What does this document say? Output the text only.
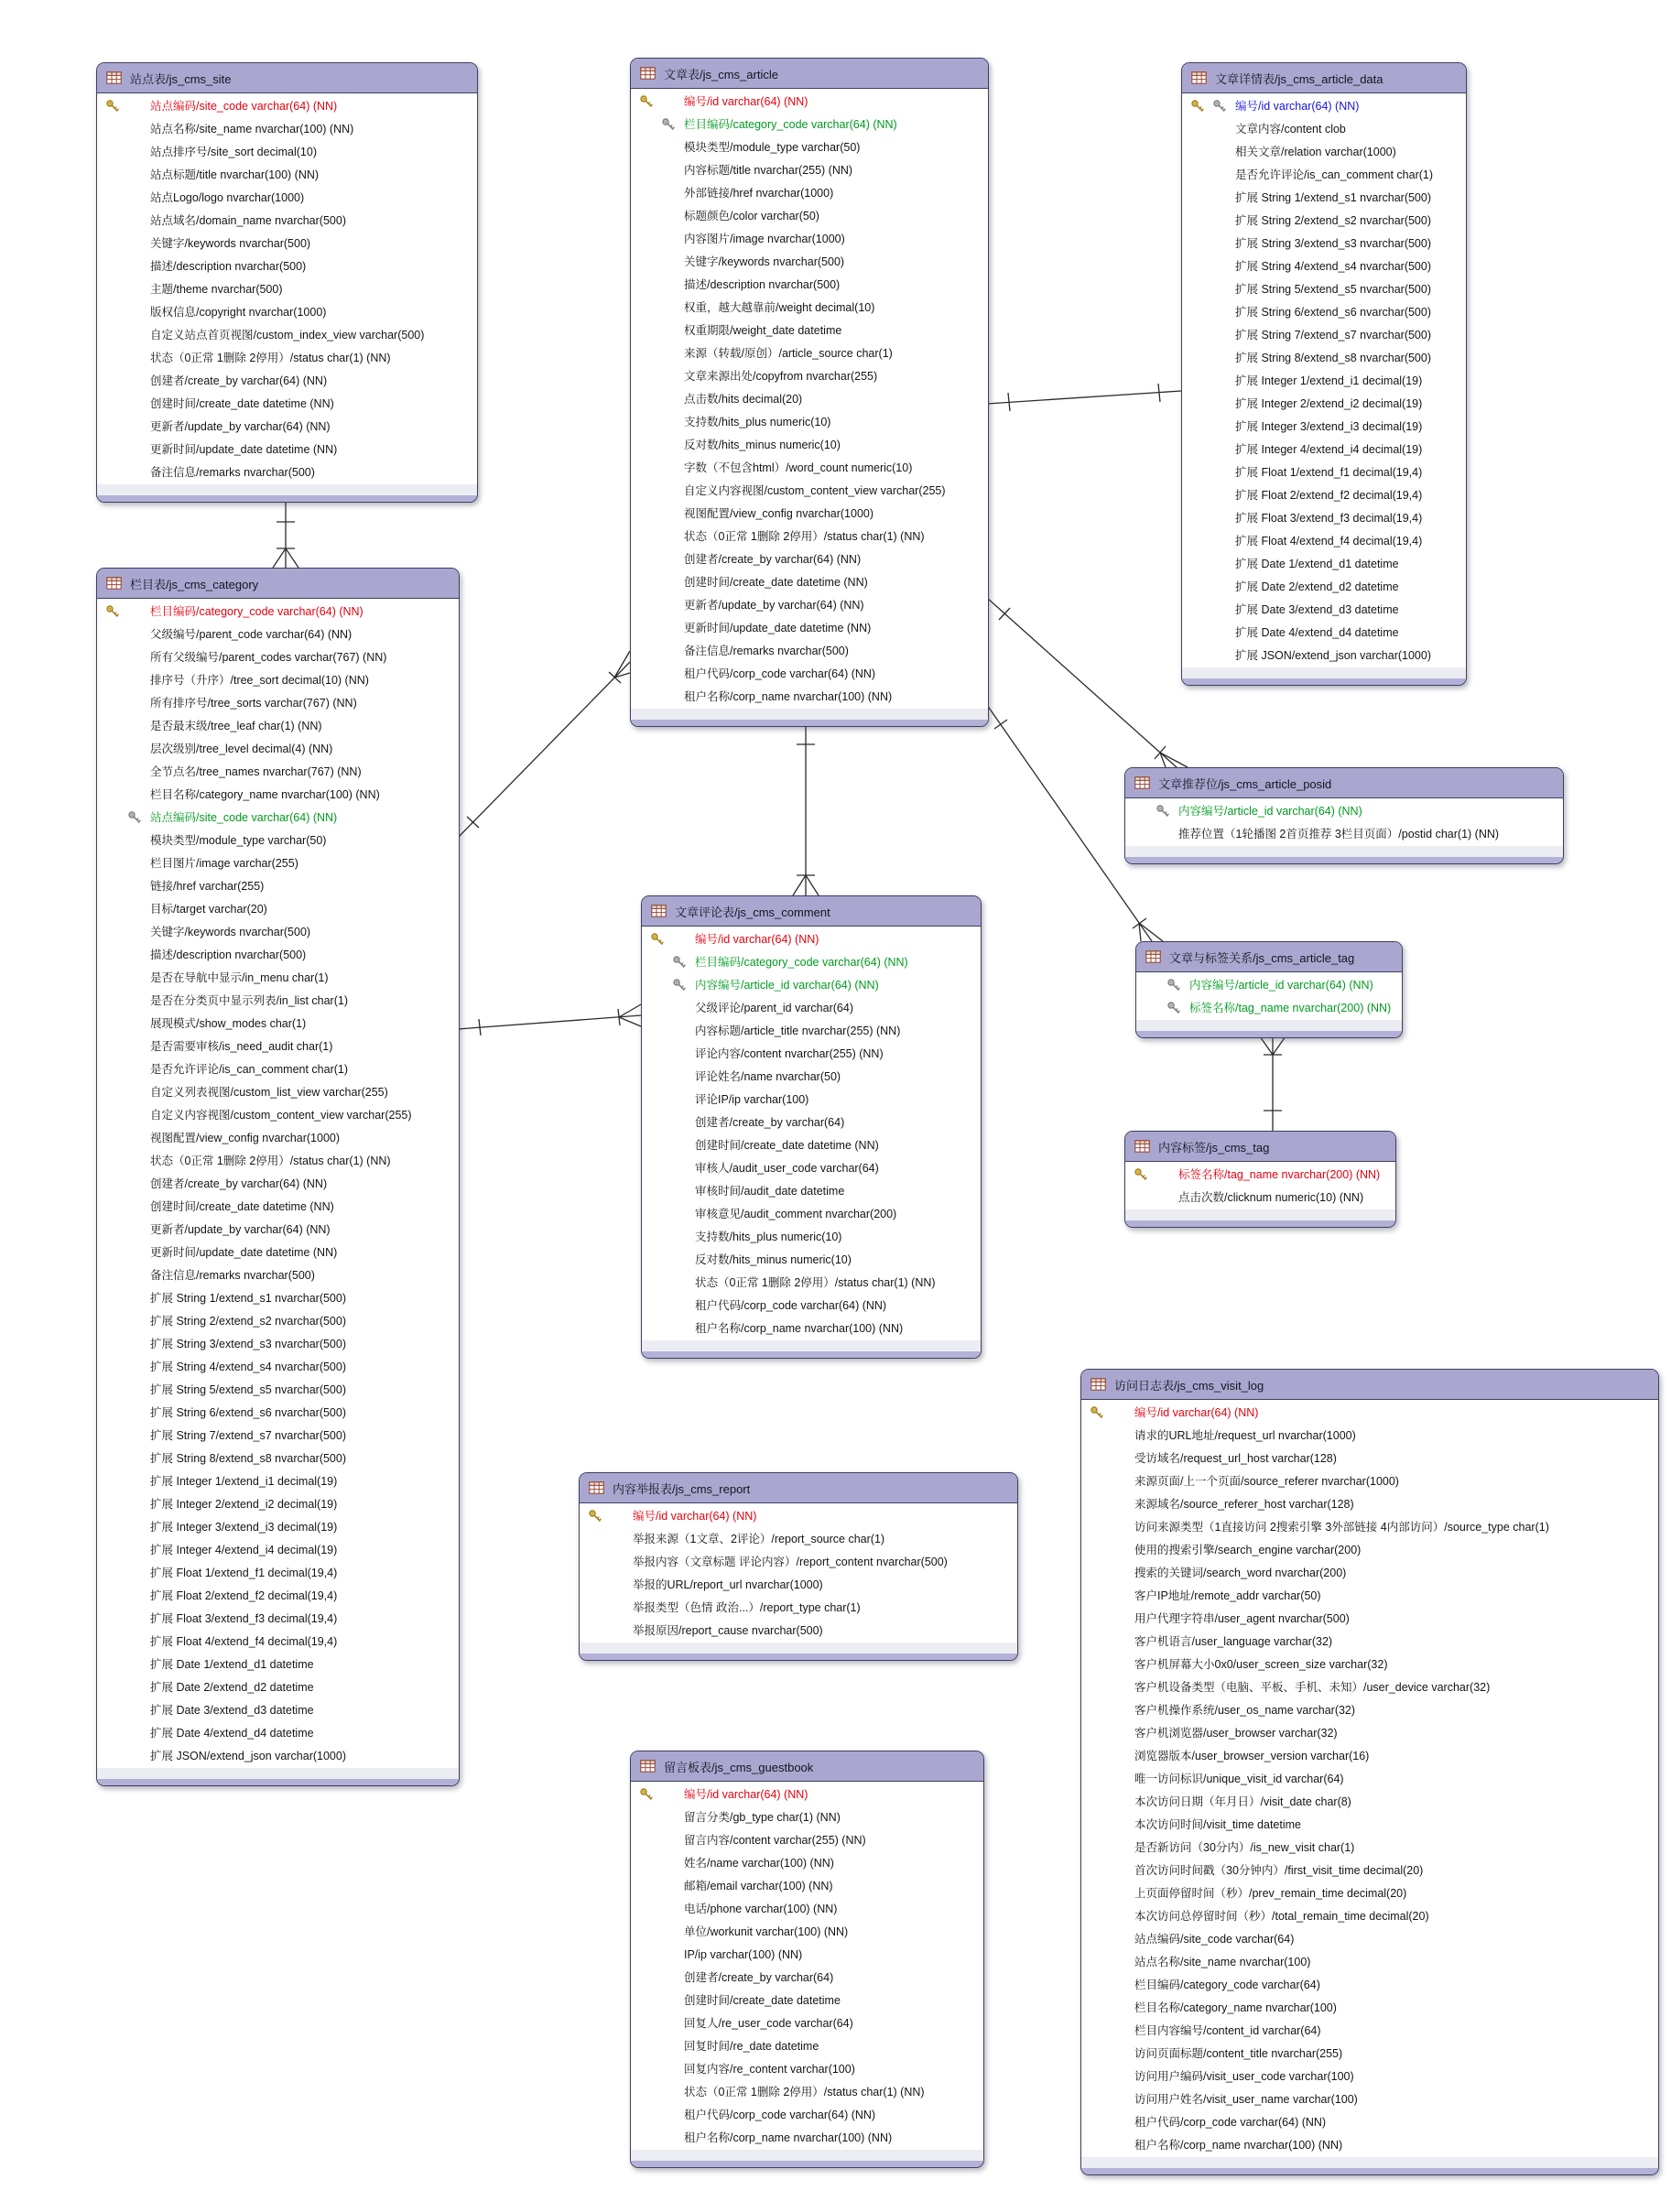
站点表/js_cms_site
站点编码/site_code varchar(64) (NN)
站点名称/site_name nvarchar(100) (NN)
站点排序号/site_sort decimal(10)
站点标题/title nvarchar(100) (NN)
站点Logo/logo nvarchar(1000)
站点域名/domain_name nvarchar(500)
关键字/keywords nvarchar(500)
描述/description nvarchar(500)
主题/theme nvarchar(500)
版权信息/copyright nvarchar(1000)
自定义站点首页视图/custom_index_view varchar(500)
状态（0正常 1删除 2停用）/status char(1) (NN)
创建者/create_by varchar(64) (NN)
创建时间/create_date datetime (NN)
更新者/update_by varchar(64) (NN)
更新时间/update_date datetime (NN)
备注信息/remarks nvarchar(500)
文章表/js_cms_article
编号/id varchar(64) (NN)
栏目编码/category_code varchar(64) (NN)
模块类型/module_type varchar(50)
内容标题/title nvarchar(255) (NN)
外部链接/href nvarchar(1000)
标题颜色/color varchar(50)
内容图片/image nvarchar(1000)
关键字/keywords nvarchar(500)
描述/description nvarchar(500)
权重，越大越靠前/weight decimal(10)
权重期限/weight_date datetime
来源（转载/原创）/article_source char(1)
文章来源出处/copyfrom nvarchar(255)
点击数/hits decimal(20)
支持数/hits_plus numeric(10)
反对数/hits_minus numeric(10)
字数（不包含html）/word_count numeric(10)
自定义内容视图/custom_content_view varchar(255)
视图配置/view_config nvarchar(1000)
状态（0正常 1删除 2停用）/status char(1) (NN)
创建者/create_by varchar(64) (NN)
创建时间/create_date datetime (NN)
更新者/update_by varchar(64) (NN)
更新时间/update_date datetime (NN)
备注信息/remarks nvarchar(500)
租户代码/corp_code varchar(64) (NN)
租户名称/corp_name nvarchar(100) (NN)
文章详情表/js_cms_article_data
编号/id varchar(64) (NN)
文章内容/content clob
相关文章/relation varchar(1000)
是否允许评论/is_can_comment char(1)
扩展 String 1/extend_s1 nvarchar(500)
扩展 String 2/extend_s2 nvarchar(500)
扩展 String 3/extend_s3 nvarchar(500)
扩展 String 4/extend_s4 nvarchar(500)
扩展 String 5/extend_s5 nvarchar(500)
扩展 String 6/extend_s6 nvarchar(500)
扩展 String 7/extend_s7 nvarchar(500)
扩展 String 8/extend_s8 nvarchar(500)
扩展 Integer 1/extend_i1 decimal(19)
扩展 Integer 2/extend_i2 decimal(19)
扩展 Integer 3/extend_i3 decimal(19)
扩展 Integer 4/extend_i4 decimal(19)
扩展 Float 1/extend_f1 decimal(19,4)
扩展 Float 2/extend_f2 decimal(19,4)
扩展 Float 3/extend_f3 decimal(19,4)
扩展 Float 4/extend_f4 decimal(19,4)
扩展 Date 1/extend_d1 datetime
扩展 Date 2/extend_d2 datetime
扩展 Date 3/extend_d3 datetime
扩展 Date 4/extend_d4 datetime
扩展 JSON/extend_json varchar(1000)
栏目表/js_cms_category
栏目编码/category_code varchar(64) (NN)
父级编号/parent_code varchar(64) (NN)
所有父级编号/parent_codes varchar(767) (NN)
排序号（升序）/tree_sort decimal(10) (NN)
所有排序号/tree_sorts varchar(767) (NN)
是否最末级/tree_leaf char(1) (NN)
层次级别/tree_level decimal(4) (NN)
全节点名/tree_names nvarchar(767) (NN)
栏目名称/category_name nvarchar(100) (NN)
站点编码/site_code varchar(64) (NN)
模块类型/module_type varchar(50)
栏目图片/image varchar(255)
链接/href varchar(255)
目标/target varchar(20)
关键字/keywords nvarchar(500)
描述/description nvarchar(500)
是否在导航中显示/in_menu char(1)
是否在分类页中显示列表/in_list char(1)
展现模式/show_modes char(1)
是否需要审核/is_need_audit char(1)
是否允许评论/is_can_comment char(1)
自定义列表视图/custom_list_view varchar(255)
自定义内容视图/custom_content_view varchar(255)
视图配置/view_config nvarchar(1000)
状态（0正常 1删除 2停用）/status char(1) (NN)
创建者/create_by varchar(64) (NN)
创建时间/create_date datetime (NN)
更新者/update_by varchar(64) (NN)
更新时间/update_date datetime (NN)
备注信息/remarks nvarchar(500)
扩展 String 1/extend_s1 nvarchar(500)
扩展 String 2/extend_s2 nvarchar(500)
扩展 String 3/extend_s3 nvarchar(500)
扩展 String 4/extend_s4 nvarchar(500)
扩展 String 5/extend_s5 nvarchar(500)
扩展 String 6/extend_s6 nvarchar(500)
扩展 String 7/extend_s7 nvarchar(500)
扩展 String 8/extend_s8 nvarchar(500)
扩展 Integer 1/extend_i1 decimal(19)
扩展 Integer 2/extend_i2 decimal(19)
扩展 Integer 3/extend_i3 decimal(19)
扩展 Integer 4/extend_i4 decimal(19)
扩展 Float 1/extend_f1 decimal(19,4)
扩展 Float 2/extend_f2 decimal(19,4)
扩展 Float 3/extend_f3 decimal(19,4)
扩展 Float 4/extend_f4 decimal(19,4)
扩展 Date 1/extend_d1 datetime
扩展 Date 2/extend_d2 datetime
扩展 Date 3/extend_d3 datetime
扩展 Date 4/extend_d4 datetime
扩展 JSON/extend_json varchar(1000)
文章评论表/js_cms_comment
编号/id varchar(64) (NN)
栏目编码/category_code varchar(64) (NN)
内容编号/article_id varchar(64) (NN)
父级评论/parent_id varchar(64)
内容标题/article_title nvarchar(255) (NN)
评论内容/content nvarchar(255) (NN)
评论姓名/name nvarchar(50)
评论IP/ip varchar(100)
创建者/create_by varchar(64)
创建时间/create_date datetime (NN)
审核人/audit_user_code varchar(64)
审核时间/audit_date datetime
审核意见/audit_comment nvarchar(200)
支持数/hits_plus numeric(10)
反对数/hits_minus numeric(10)
状态（0正常 1删除 2停用）/status char(1) (NN)
租户代码/corp_code varchar(64) (NN)
租户名称/corp_name nvarchar(100) (NN)
文章推荐位/js_cms_article_posid
内容编号/article_id varchar(64) (NN)
推荐位置（1轮播图 2首页推荐 3栏目页面）/postid char(1) (NN)
文章与标签关系/js_cms_article_tag
内容编号/article_id varchar(64) (NN)
标签名称/tag_name nvarchar(200) (NN)
内容标签/js_cms_tag
标签名称/tag_name nvarchar(200) (NN)
点击次数/clicknum numeric(10) (NN)
内容举报表/js_cms_report
编号/id varchar(64) (NN)
举报来源（1文章、2评论）/report_source char(1)
举报内容（文章标题 评论内容）/report_content nvarchar(500)
举报的URL/report_url nvarchar(1000)
举报类型（色情 政治...）/report_type char(1)
举报原因/report_cause nvarchar(500)
访问日志表/js_cms_visit_log
编号/id varchar(64) (NN)
请求的URL地址/request_url nvarchar(1000)
受访域名/request_url_host varchar(128)
来源页面/上一个页面/source_referer nvarchar(1000)
来源域名/source_referer_host varchar(128)
访问来源类型（1直接访问 2搜索引擎 3外部链接 4内部访问）/source_type char(1)
使用的搜索引擎/search_engine varchar(200)
搜索的关键词/search_word nvarchar(200)
客户IP地址/remote_addr varchar(50)
用户代理字符串/user_agent nvarchar(500)
客户机语言/user_language varchar(32)
客户机屏幕大小0x0/user_screen_size varchar(32)
客户机设备类型（电脑、平板、手机、未知）/user_device varchar(32)
客户机操作系统/user_os_name varchar(32)
客户机浏览器/user_browser varchar(32)
浏览器版本/user_browser_version varchar(16)
唯一访问标识/unique_visit_id varchar(64)
本次访问日期（年月日）/visit_date char(8)
本次访问时间/visit_time datetime
是否新访问（30分内）/is_new_visit char(1)
首次访问时间戳（30分钟内）/first_visit_time decimal(20)
上页面停留时间（秒）/prev_remain_time decimal(20)
本次访问总停留时间（秒）/total_remain_time decimal(20)
站点编码/site_code varchar(64)
站点名称/site_name nvarchar(100)
栏目编码/category_code varchar(64)
栏目名称/category_name nvarchar(100)
栏目内容编号/content_id varchar(64)
访问页面标题/content_title nvarchar(255)
访问用户编码/visit_user_code varchar(100)
访问用户姓名/visit_user_name varchar(100)
租户代码/corp_code varchar(64) (NN)
租户名称/corp_name nvarchar(100) (NN)
留言板表/js_cms_guestbook
编号/id varchar(64) (NN)
留言分类/gb_type char(1) (NN)
留言内容/content varchar(255) (NN)
姓名/name varchar(100) (NN)
邮箱/email varchar(100) (NN)
电话/phone varchar(100) (NN)
单位/workunit varchar(100) (NN)
IP/ip varchar(100) (NN)
创建者/create_by varchar(64)
创建时间/create_date datetime
回复人/re_user_code varchar(64)
回复时间/re_date datetime
回复内容/re_content varchar(100)
状态（0正常 1删除 2停用）/status char(1) (NN)
租户代码/corp_code varchar(64) (NN)
租户名称/corp_name nvarchar(100) (NN)
